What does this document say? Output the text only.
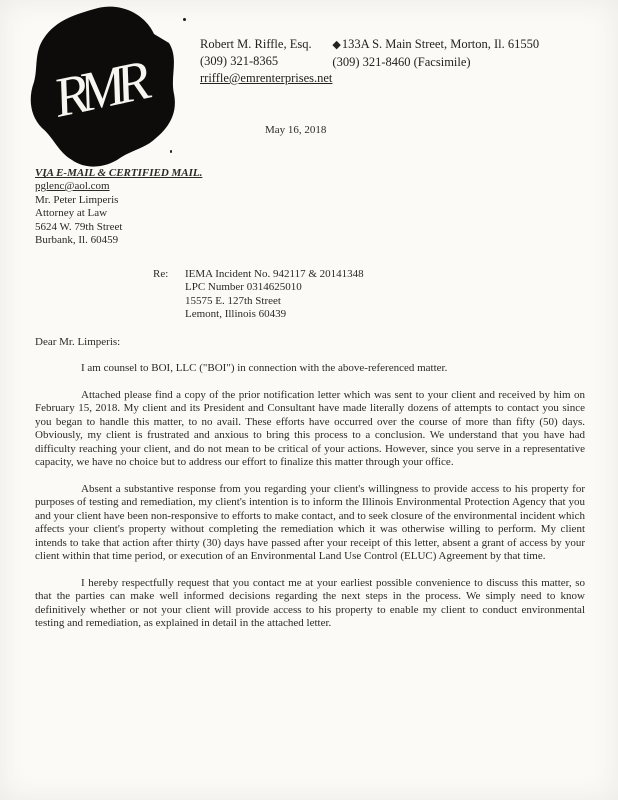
RMR
Robert M. Riffle, Esq.
(309) 321-8365
rriffle@emrenterprises.net
◆133A S. Main Street, Morton, Il. 61550
(309) 321-8460 (Facsimile)
May 16, 2018
VIA E-MAIL & CERTIFIED MAIL.
pglenc@aol.com
Mr. Peter Limperis
Attorney at Law
5624 W. 79th Street
Burbank, Il. 60459
Re:	IEMA Incident No. 942117 & 20141348
LPC Number 0314625010
15575 E. 127th Street
Lemont, Illinois 60439
Dear Mr. Limperis:

I am counsel to BOI, LLC ("BOI") in connection with the above-referenced matter.

Attached please find a copy of the prior notification letter which was sent to your client and received by him on February 15, 2018. My client and its President and Consultant have made literally dozens of attempts to contact you since you began to handle this matter, to no avail. These efforts have occurred over the course of more than fifty (50) days. Obviously, my client is frustrated and anxious to bring this process to a conclusion. We understand that you have had difficulty reaching your client, and do not mean to be critical of your actions. However, since you serve in a representative capacity, we have no choice but to address our effort to finalize this matter through your office.

Absent a substantive response from you regarding your client's willingness to provide access to his property for purposes of testing and remediation, my client's intention is to inform the Illinois Environmental Protection Agency that you and your client have been non-responsive to efforts to make contact, and to seek closure of the environmental incident which affects your client's property without completing the remediation which it was otherwise willing to perform. My client intends to take that action after thirty (30) days have passed after your receipt of this letter, absent a grant of access by your client within that time period, or execution of an Environmental Land Use Control (ELUC) Agreement by that time.

I hereby respectfully request that you contact me at your earliest possible convenience to discuss this matter, so that the parties can make well informed decisions regarding the next steps in the process. We simply need to know definitively whether or not your client will provide access to his property to enable my client to conduct environmental testing and remediation, as explained in detail in the attached letter.
